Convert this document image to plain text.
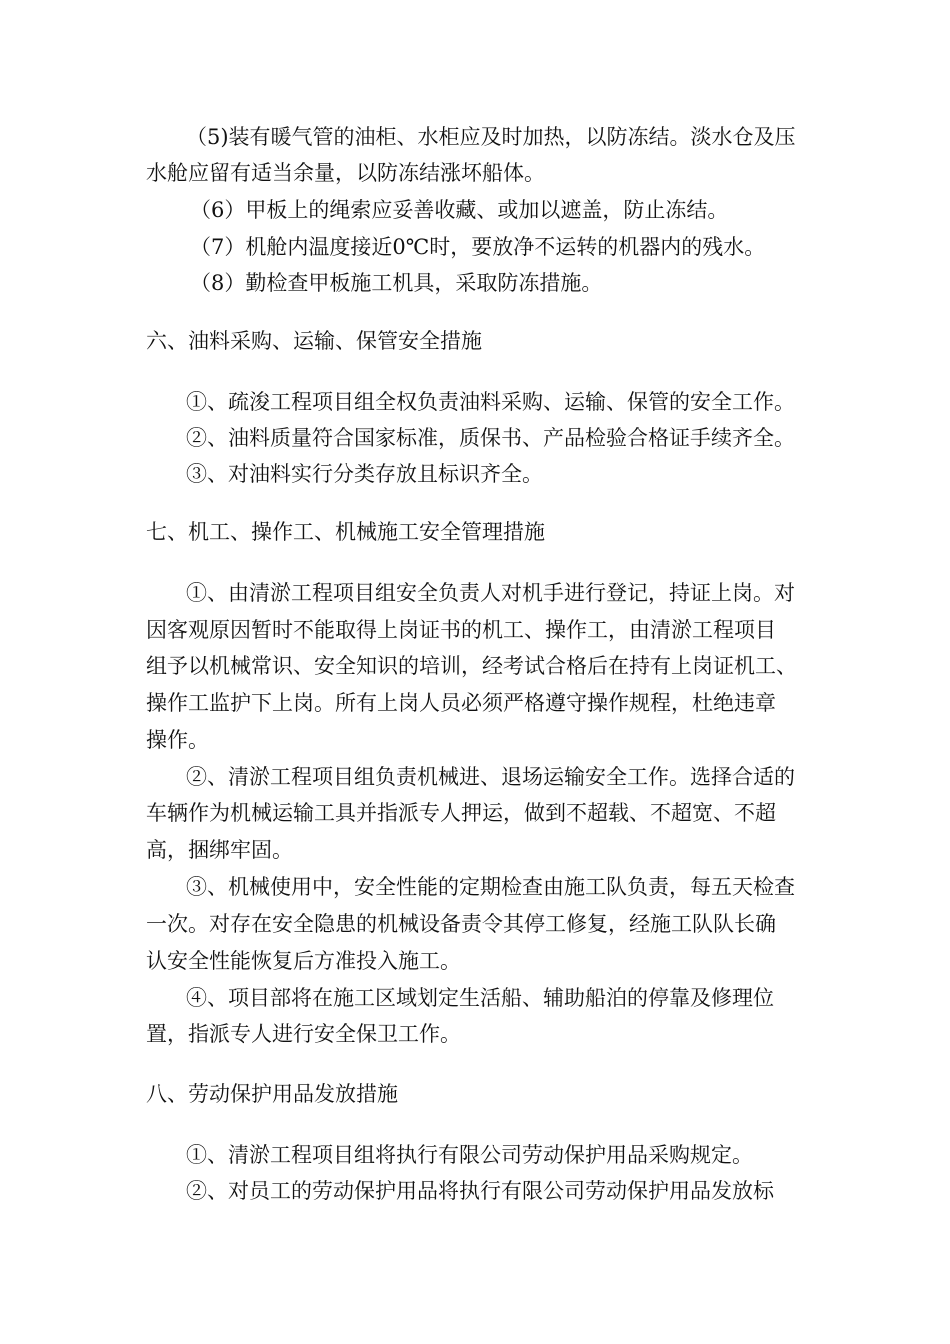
（5)装有暖气管的油柜、水柜应及时加热，以防冻结。淡水仓及压
水舱应留有适当余量，以防冻结涨坏船体。
（6）甲板上的绳索应妥善收藏、或加以遮盖，防止冻结。
（7）机舱内温度接近0℃时，要放净不运转的机器内的残水。
（8）勤检查甲板施工机具，采取防冻措施。
六、油料采购、运输、保管安全措施
①、疏浚工程项目组全权负责油料采购、运输、保管的安全工作。
②、油料质量符合国家标准，质保书、产品检验合格证手续齐全。
③、对油料实行分类存放且标识齐全。
七、机工、操作工、机械施工安全管理措施
①、由清淤工程项目组安全负责人对机手进行登记，持证上岗。对
因客观原因暂时不能取得上岗证书的机工、操作工，由清淤工程项目
组予以机械常识、安全知识的培训，经考试合格后在持有上岗证机工、
操作工监护下上岗。所有上岗人员必须严格遵守操作规程，杜绝违章
操作。
②、清淤工程项目组负责机械进、退场运输安全工作。选择合适的
车辆作为机械运输工具并指派专人押运，做到不超载、不超宽、不超
高，捆绑牢固。
③、机械使用中，安全性能的定期检查由施工队负责，每五天检查
一次。对存在安全隐患的机械设备责令其停工修复，经施工队队长确
认安全性能恢复后方准投入施工。
④、项目部将在施工区域划定生活船、辅助船泊的停靠及修理位
置，指派专人进行安全保卫工作。
八、劳动保护用品发放措施
①、清淤工程项目组将执行有限公司劳动保护用品采购规定。
②、对员工的劳动保护用品将执行有限公司劳动保护用品发放标
